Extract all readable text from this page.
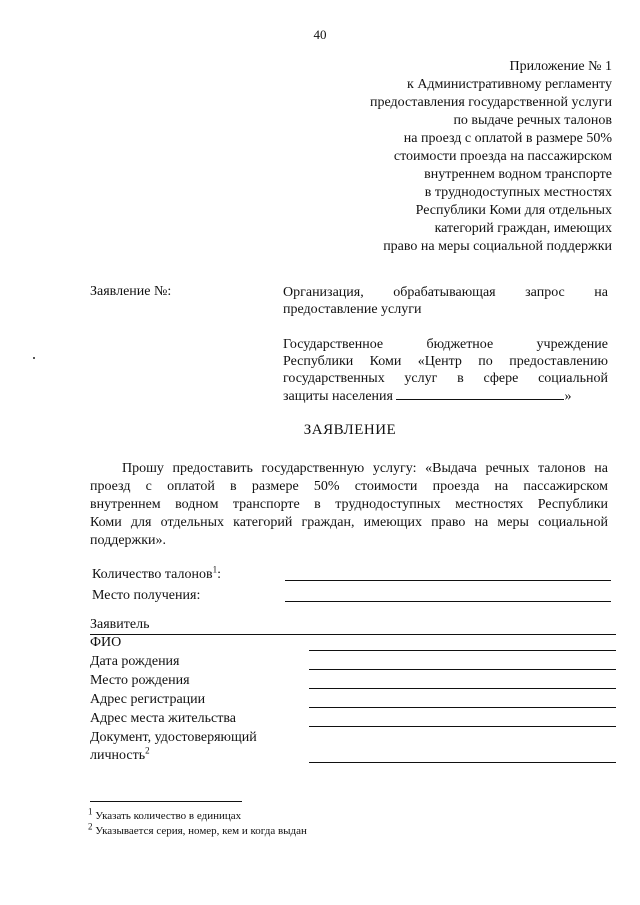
40
Приложение № 1
к Административному регламенту
предоставления государственной услуги
по выдаче речных талонов
на проезд с оплатой в размере 50%
стоимости проезда на пассажирском
внутреннем водном транспорте
в труднодоступных местностях
Республики Коми для отдельных
категорий граждан, имеющих
право на меры социальной поддержки
Заявление №:	Организация, обрабатывающая запрос на
предоставление услуги
Государственное бюджетное учреждение
Республики Коми «Центр по предоставлению
государственных услуг в сфере социальной
защиты населения	»
ЗАЯВЛЕНИЕ
Прошу предоставить государственную услугу: «Выдача речных талонов на
проезд с оплатой в размере 50% стоимости проезда на пассажирском
внутреннем водном транспорте в труднодоступных местностях Республики
Коми для отдельных категорий граждан, имеющих право на меры социальной
поддержки».
Количество талонов$^1$:
Место получения:
Заявитель
ФИО
Дата рождения
Место рождения
Адрес регистрации
Адрес места жительства
Документ, удостоверяющий
личность$^2$
$^1$ Указать количество в единицах
$^2$ Указывается серия, номер, кем и когда выдан
